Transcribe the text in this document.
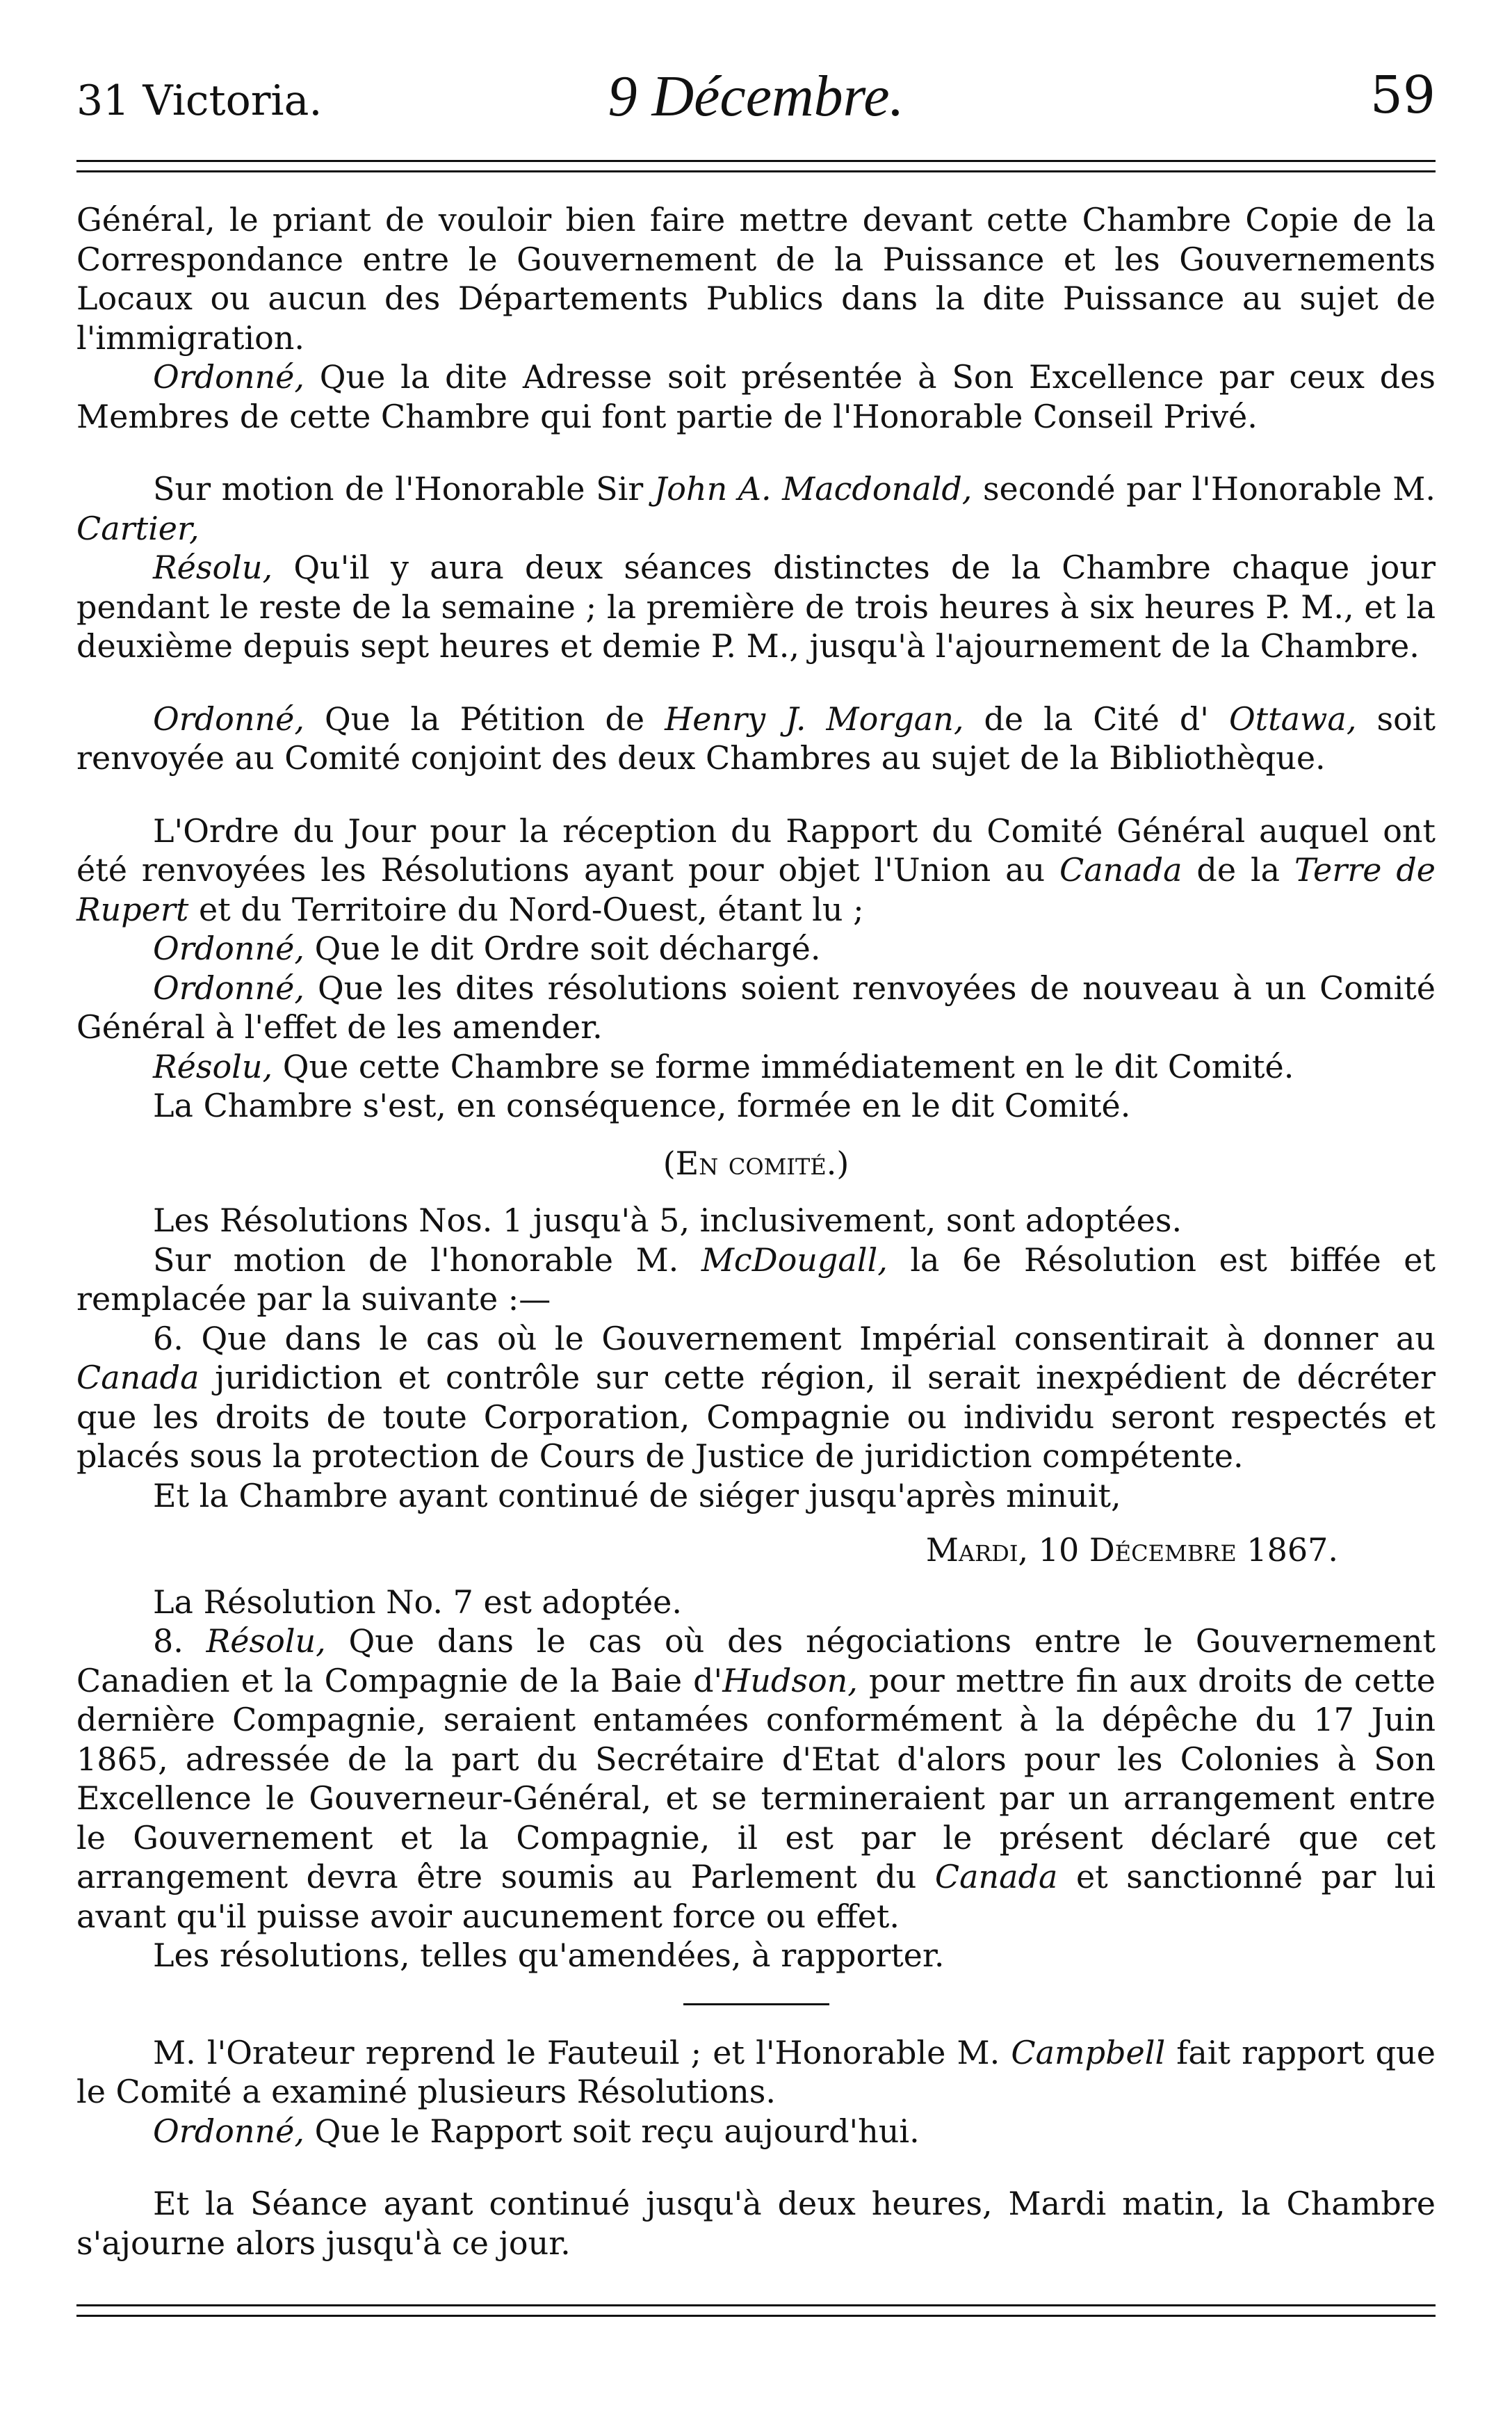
31 Victoria.	9 Décembre.	59

Général, le priant de vouloir bien faire mettre devant cette Chambre Copie de la Correspondance entre le Gouvernement de la Puissance et les Gouvernements Locaux ou aucun des Départements Publics dans la dite Puissance au sujet de l'immigration.

Ordonné, Que la dite Adresse soit présentée à Son Excellence par ceux des Membres de cette Chambre qui font partie de l'Honorable Conseil Privé.

Sur motion de l'Honorable Sir John A. Macdonald, secondé par l'Honorable M. Cartier,

Résolu, Qu'il y aura deux séances distinctes de la Chambre chaque jour pendant le reste de la semaine ; la première de trois heures à six heures P. M., et la deuxième depuis sept heures et demie P. M., jusqu'à l'ajournement de la Chambre.

Ordonné, Que la Pétition de Henry J. Morgan, de la Cité d' Ottawa, soit renvoyée au Comité conjoint des deux Chambres au sujet de la Bibliothèque.

L'Ordre du Jour pour la réception du Rapport du Comité Général auquel ont été renvoyées les Résolutions ayant pour objet l'Union au Canada de la Terre de Rupert et du Territoire du Nord-Ouest, étant lu ;

Ordonné, Que le dit Ordre soit déchargé.

Ordonné, Que les dites résolutions soient renvoyées de nouveau à un Comité Général à l'effet de les amender.

Résolu, Que cette Chambre se forme immédiatement en le dit Comité.

La Chambre s'est, en conséquence, formée en le dit Comité.

(En comité.)

Les Résolutions Nos. 1 jusqu'à 5, inclusivement, sont adoptées.

Sur motion de l'honorable M. McDougall, la 6e Résolution est biffée et remplacée par la suivante :—

6. Que dans le cas où le Gouvernement Impérial consentirait à donner au Canada juridiction et contrôle sur cette région, il serait inexpédient de décréter que les droits de toute Corporation, Compagnie ou individu seront respectés et placés sous la protection de Cours de Justice de juridiction compétente.

Et la Chambre ayant continué de siéger jusqu'après minuit,

Mardi, 10 Décembre 1867.

La Résolution No. 7 est adoptée.

8. Résolu, Que dans le cas où des négociations entre le Gouvernement Canadien et la Compagnie de la Baie d'Hudson, pour mettre fin aux droits de cette dernière Compagnie, seraient entamées conformément à la dépêche du 17 Juin 1865, adressée de la part du Secrétaire d'Etat d'alors pour les Colonies à Son Excellence le Gouverneur-Général, et se termineraient par un arrangement entre le Gouvernement et la Compagnie, il est par le présent déclaré que cet arrangement devra être soumis au Parlement du Canada et sanctionné par lui avant qu'il puisse avoir aucunement force ou effet.

Les résolutions, telles qu'amendées, à rapporter.

M. l'Orateur reprend le Fauteuil ; et l'Honorable M. Campbell fait rapport que le Comité a examiné plusieurs Résolutions.

Ordonné, Que le Rapport soit reçu aujourd'hui.

Et la Séance ayant continué jusqu'à deux heures, Mardi matin, la Chambre s'ajourne alors jusqu'à ce jour.
